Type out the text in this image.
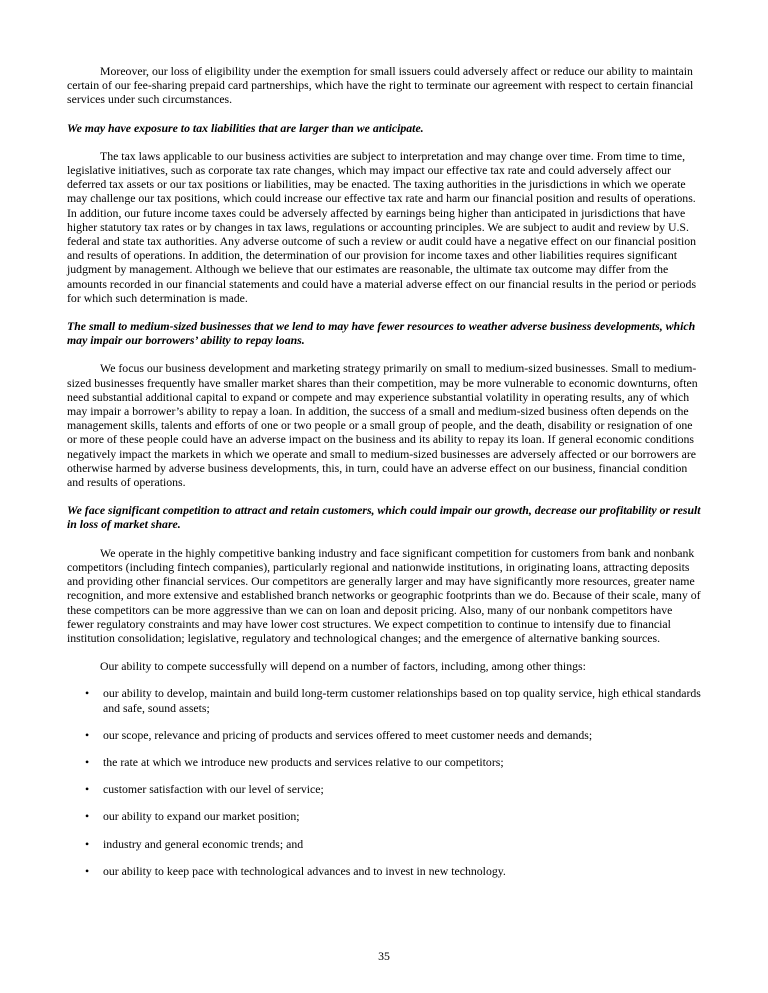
Moreover, our loss of eligibility under the exemption for small issuers could adversely affect or reduce our ability to maintain certain of our fee-sharing prepaid card partnerships, which have the right to terminate our agreement with respect to certain financial services under such circumstances.

We may have exposure to tax liabilities that are larger than we anticipate.

The tax laws applicable to our business activities are subject to interpretation and may change over time. From time to time, legislative initiatives, such as corporate tax rate changes, which may impact our effective tax rate and could adversely affect our deferred tax assets or our tax positions or liabilities, may be enacted. The taxing authorities in the jurisdictions in which we operate may challenge our tax positions, which could increase our effective tax rate and harm our financial position and results of operations. In addition, our future income taxes could be adversely affected by earnings being higher than anticipated in jurisdictions that have higher statutory tax rates or by changes in tax laws, regulations or accounting principles. We are subject to audit and review by U.S. federal and state tax authorities. Any adverse outcome of such a review or audit could have a negative effect on our financial position and results of operations. In addition, the determination of our provision for income taxes and other liabilities requires significant judgment by management. Although we believe that our estimates are reasonable, the ultimate tax outcome may differ from the amounts recorded in our financial statements and could have a material adverse effect on our financial results in the period or periods for which such determination is made.

The small to medium-sized businesses that we lend to may have fewer resources to weather adverse business developments, which may impair our borrowers’ ability to repay loans.

We focus our business development and marketing strategy primarily on small to medium-sized businesses. Small to medium-sized businesses frequently have smaller market shares than their competition, may be more vulnerable to economic downturns, often need substantial additional capital to expand or compete and may experience substantial volatility in operating results, any of which may impair a borrower’s ability to repay a loan. In addition, the success of a small and medium-sized business often depends on the management skills, talents and efforts of one or two people or a small group of people, and the death, disability or resignation of one or more of these people could have an adverse impact on the business and its ability to repay its loan. If general economic conditions negatively impact the markets in which we operate and small to medium-sized businesses are adversely affected or our borrowers are otherwise harmed by adverse business developments, this, in turn, could have an adverse effect on our business, financial condition and results of operations.

We face significant competition to attract and retain customers, which could impair our growth, decrease our profitability or result in loss of market share.

We operate in the highly competitive banking industry and face significant competition for customers from bank and nonbank competitors (including fintech companies), particularly regional and nationwide institutions, in originating loans, attracting deposits and providing other financial services. Our competitors are generally larger and may have significantly more resources, greater name recognition, and more extensive and established branch networks or geographic footprints than we do. Because of their scale, many of these competitors can be more aggressive than we can on loan and deposit pricing. Also, many of our nonbank competitors have fewer regulatory constraints and may have lower cost structures. We expect competition to continue to intensify due to financial institution consolidation; legislative, regulatory and technological changes; and the emergence of alternative banking sources.

Our ability to compete successfully will depend on a number of factors, including, among other things:

•	our ability to develop, maintain and build long-term customer relationships based on top quality service, high ethical standards and safe, sound assets;
•	our scope, relevance and pricing of products and services offered to meet customer needs and demands;
•	the rate at which we introduce new products and services relative to our competitors;
•	customer satisfaction with our level of service;
•	our ability to expand our market position;
•	industry and general economic trends; and
•	our ability to keep pace with technological advances and to invest in new technology.
35
